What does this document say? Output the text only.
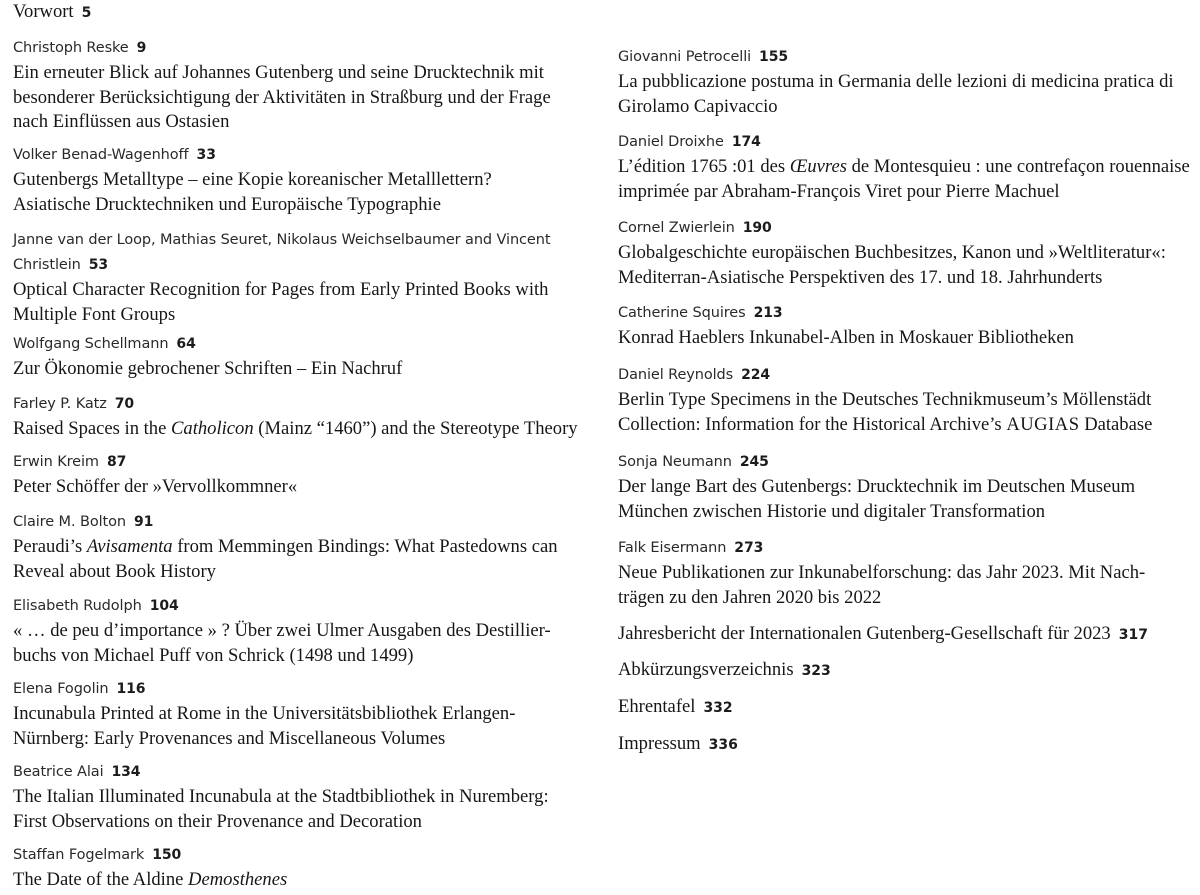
Vorwort 5
Christoph Reske 9
Ein erneuter Blick auf Johannes Gutenberg und seine Drucktechnik mit
besonderer Berücksichtigung der Aktivitäten in Straßburg und der Frage
nach Einflüssen aus Ostasien
Volker Benad-Wagenhoff 33
Gutenbergs Metalltype – eine Kopie koreanischer Metalllettern?
Asiatische Drucktechniken und Europäische Typographie
Janne van der Loop, Mathias Seuret, Nikolaus Weichselbaumer and Vincent
Christlein 53
Optical Character Recognition for Pages from Early Printed Books with
Multiple Font Groups
Wolfgang Schellmann 64
Zur Ökonomie gebrochener Schriften – Ein Nachruf
Farley P. Katz 70
Raised Spaces in the Catholicon (Mainz “1460”) and the Stereotype Theory
Erwin Kreim 87
Peter Schöffer der »Vervollkommner«
Claire M. Bolton 91
Peraudi’s Avisamenta from Memmingen Bindings: What Pastedowns can
Reveal about Book History
Elisabeth Rudolph 104
« … de peu d’importance » ? Über zwei Ulmer Ausgaben des Destillier-
buchs von Michael Puff von Schrick (1498 und 1499)
Elena Fogolin 116
Incunabula Printed at Rome in the Universitätsbibliothek Erlangen-
Nürnberg: Early Provenances and Miscellaneous Volumes
Beatrice Alai 134
The Italian Illuminated Incunabula at the Stadtbibliothek in Nuremberg:
First Observations on their Provenance and Decoration
Staffan Fogelmark 150
The Date of the Aldine Demosthenes
Giovanni Petrocelli 155
La pubblicazione postuma in Germania delle lezioni di medicina pratica di
Girolamo Capivaccio
Daniel Droixhe 174
L’édition 1765 :01 des Œuvres de Montesquieu : une contrefaçon rouennaise
imprimée par Abraham-François Viret pour Pierre Machuel
Cornel Zwierlein 190
Globalgeschichte europäischen Buchbesitzes, Kanon und »Weltliteratur«:
Mediterran-Asiatische Perspektiven des 17. und 18. Jahrhunderts
Catherine Squires 213
Konrad Haeblers Inkunabel-Alben in Moskauer Bibliotheken
Daniel Reynolds 224
Berlin Type Specimens in the Deutsches Technikmuseum’s Möllenstädt
Collection: Information for the Historical Archive’s AUGIAS Database
Sonja Neumann 245
Der lange Bart des Gutenbergs: Drucktechnik im Deutschen Museum
München zwischen Historie und digitaler Transformation
Falk Eisermann 273
Neue Publikationen zur Inkunabelforschung: das Jahr 2023. Mit Nach-
trägen zu den Jahren 2020 bis 2022
Jahresbericht der Internationalen Gutenberg-Gesellschaft für 2023 317
Abkürzungsverzeichnis 323
Ehrentafel 332
Impressum 336
